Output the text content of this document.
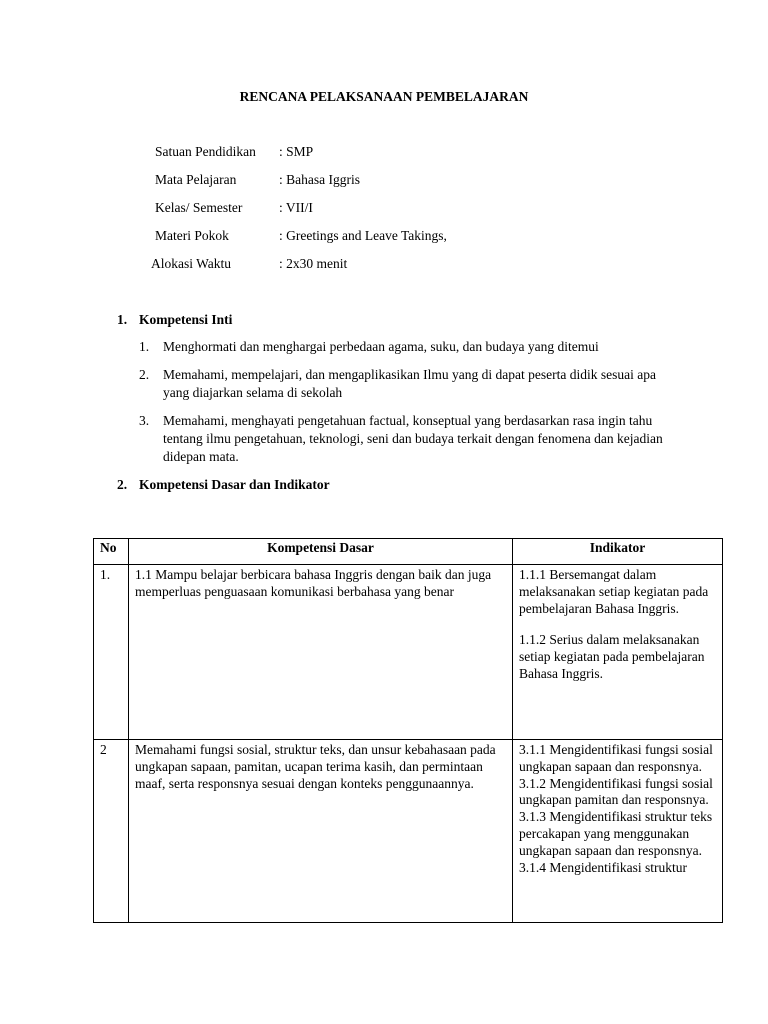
RENCANA PELAKSANAAN PEMBELAJARAN
Satuan Pendidikan	: SMP
Mata Pelajaran	: Bahasa Iggris
Kelas/ Semester	: VII/I
Materi Pokok	: Greetings and Leave Takings,
Alokasi Waktu	: 2x30 menit
1. Kompetensi Inti
1.	Menghormati dan menghargai perbedaan agama, suku, dan budaya yang ditemui
2.	Memahami, mempelajari, dan mengaplikasikan Ilmu yang di dapat peserta didik sesuai apa yang diajarkan selama di sekolah
3.	Memahami, menghayati pengetahuan factual, konseptual yang berdasarkan rasa ingin tahu tentang ilmu pengetahuan, teknologi, seni dan budaya terkait dengan fenomena dan kejadian didepan mata.
2. Kompetensi Dasar dan Indikator
No	Kompetensi Dasar	Indikator
1.	1.1 Mampu belajar berbicara bahasa Inggris dengan baik dan juga memperluas penguasaan komunikasi berbahasa yang benar	1.1.1 Bersemangat dalam melaksanakan setiap kegiatan pada pembelajaran Bahasa Inggris.
1.1.2 Serius dalam melaksanakan setiap kegiatan pada pembelajaran Bahasa Inggris.

2	Memahami fungsi sosial, struktur teks, dan unsur kebahasaan pada ungkapan sapaan, pamitan, ucapan terima kasih, dan permintaan maaf, serta responsnya sesuai dengan konteks penggunaannya.	3.1.1 Mengidentifikasi fungsi sosial ungkapan sapaan dan responsnya.
3.1.2 Mengidentifikasi fungsi sosial ungkapan pamitan dan responsnya.
3.1.3 Mengidentifikasi struktur teks percakapan yang menggunakan ungkapan sapaan dan responsnya.
3.1.4 Mengidentifikasi struktur
